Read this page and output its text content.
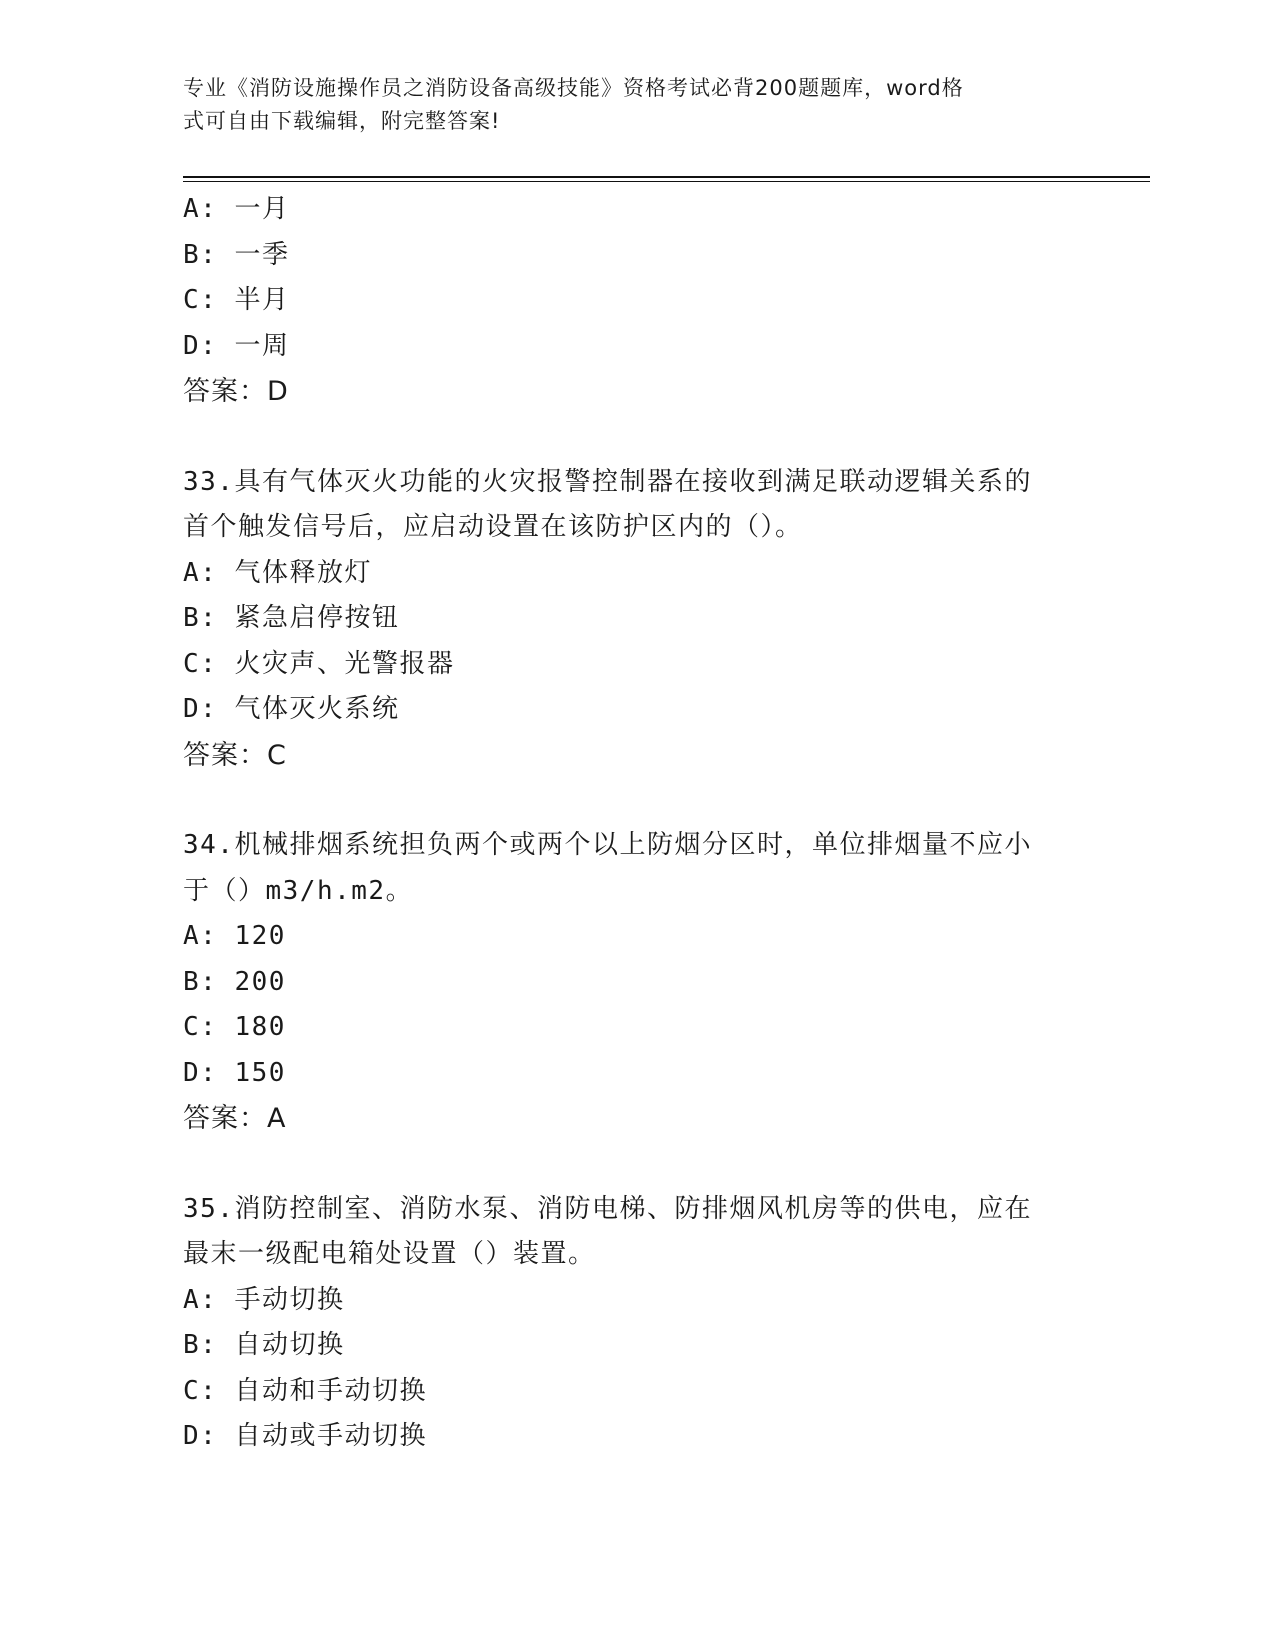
专业《消防设施操作员之消防设备高级技能》资格考试必背200题题库，word格
式可自由下载编辑，附完整答案!
A: 一月
B: 一季
C: 半月
D: 一周
答案：D
33.具有气体灭火功能的火灾报警控制器在接收到满足联动逻辑关系的
首个触发信号后，应启动设置在该防护区内的（）。
A: 气体释放灯
B: 紧急启停按钮
C: 火灾声、光警报器
D: 气体灭火系统
答案：C
34.机械排烟系统担负两个或两个以上防烟分区时，单位排烟量不应小
于（）m3/h.m2。
A: 120
B: 200
C: 180
D: 150
答案：A
35.消防控制室、消防水泵、消防电梯、防排烟风机房等的供电，应在
最末一级配电箱处设置（）装置。
A: 手动切换
B: 自动切换
C: 自动和手动切换
D: 自动或手动切换
